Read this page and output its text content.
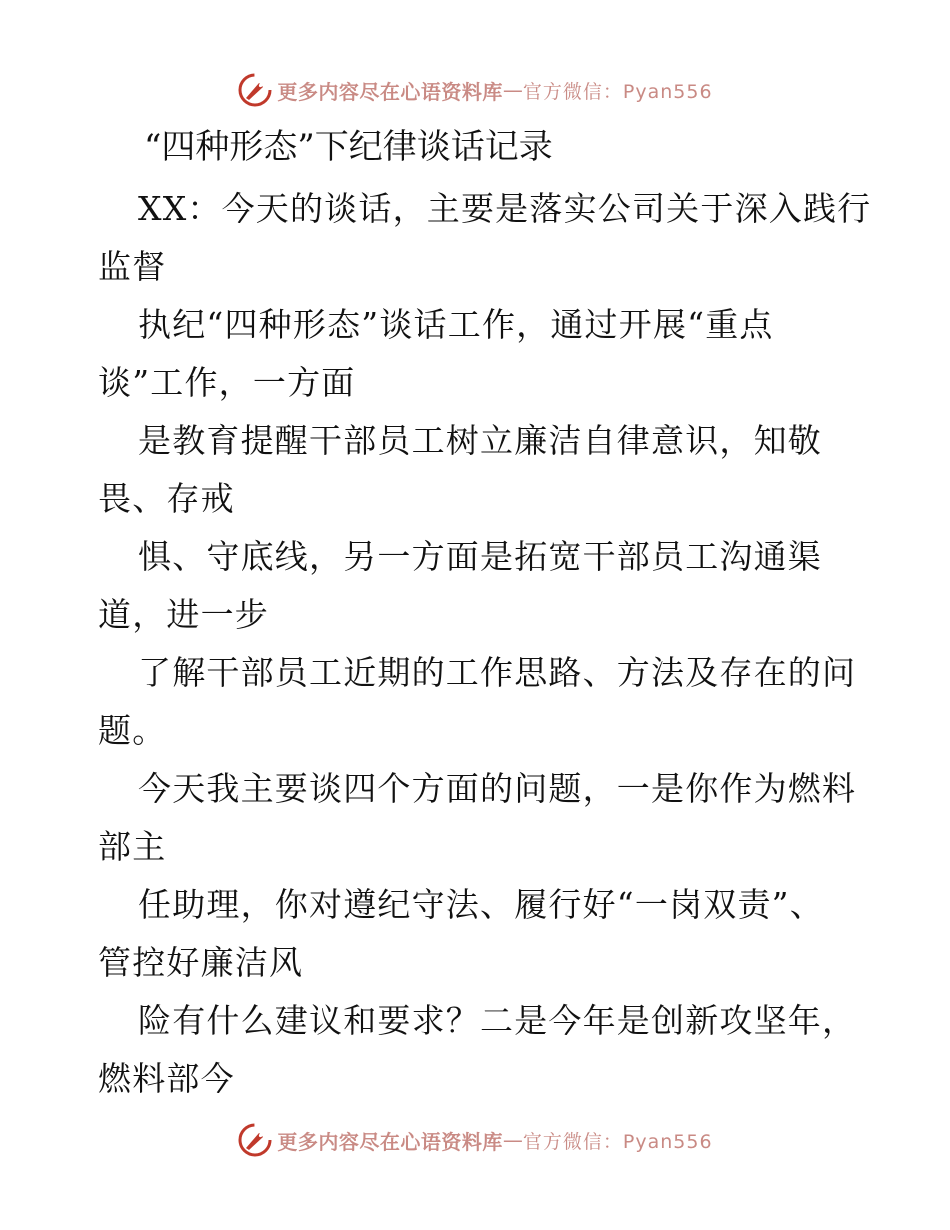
更多内容尽在心语资料库 — 官方微信：Pyan556
“四种形态”下纪律谈话记录

XX：今天的谈话，主要是落实公司关于深入践行
监督

执纪“四种形态”谈话工作，通过开展“重点
谈”工作，一方面

是教育提醒干部员工树立廉洁自律意识，知敬
畏、存戒

惧、守底线，另一方面是拓宽干部员工沟通渠
道，进一步

了解干部员工近期的工作思路、方法及存在的问
题。

今天我主要谈四个方面的问题，一是你作为燃料
部主

任助理，你对遵纪守法、履行好“一岗双责”、
管控好廉洁风

险有什么建议和要求？二是今年是创新攻坚年，
燃料部今

更多内容尽在心语资料库 — 官方微信：Pyan556
